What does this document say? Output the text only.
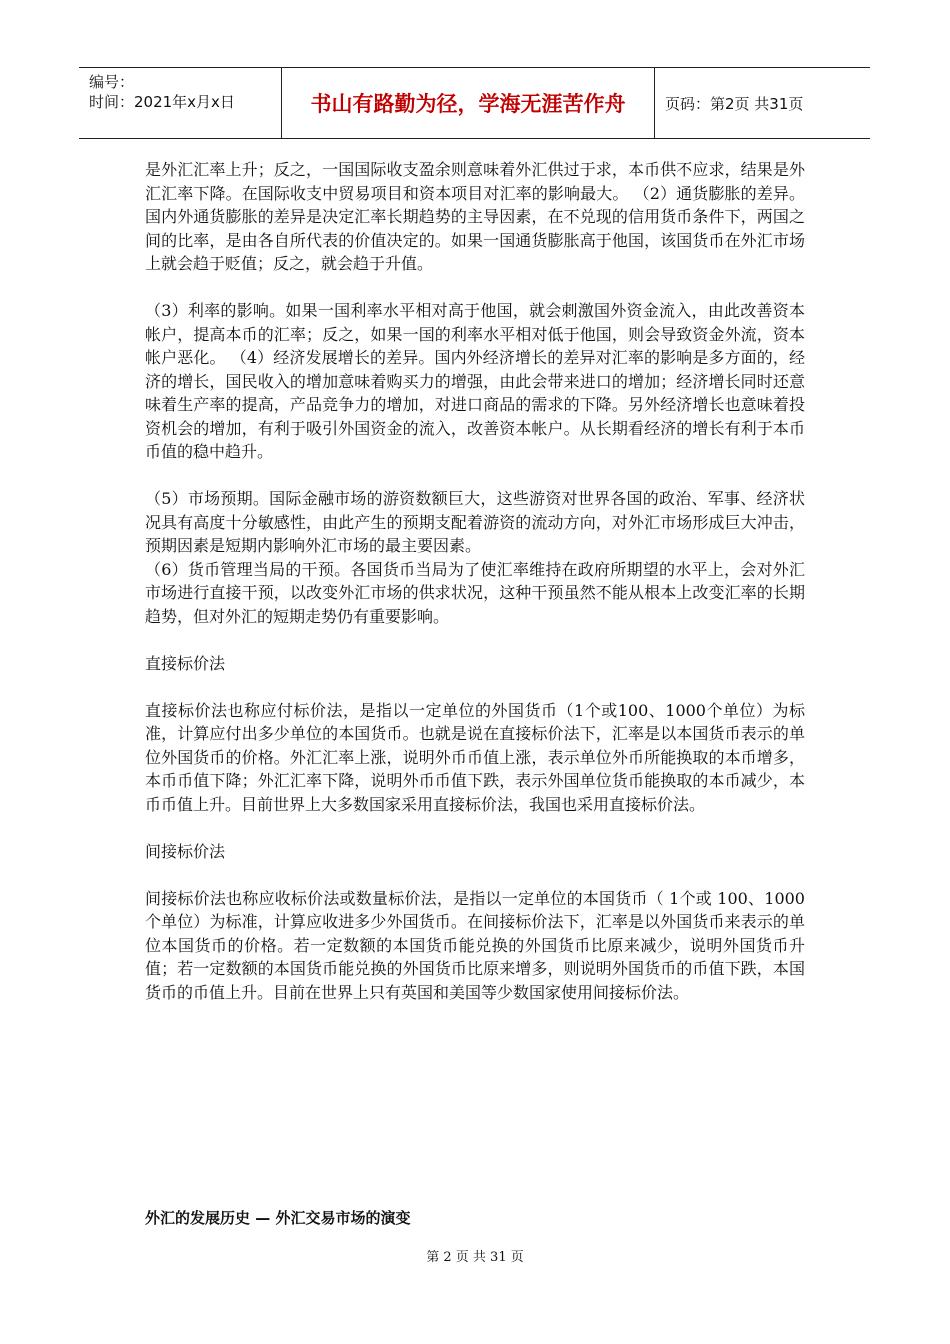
编号：
时间：2021年x月x日	书山有路勤为径，学海无涯苦作舟	页码：第2页 共31页

是外汇汇率上升；反之，一国国际收支盈余则意味着外汇供过于求，本币供不应求，结果是外汇汇率下降。在国际收支中贸易项目和资本项目对汇率的影响最大。 （2）通货膨胀的差异。国内外通货膨胀的差异是决定汇率长期趋势的主导因素，在不兑现的信用货币条件下，两国之间的比率，是由各自所代表的价值决定的。如果一国通货膨胀高于他国，该国货币在外汇市场上就会趋于贬值；反之，就会趋于升值。

（3）利率的影响。如果一国利率水平相对高于他国，就会刺激国外资金流入，由此改善资本帐户，提高本币的汇率；反之，如果一国的利率水平相对低于他国，则会导致资金外流，资本帐户恶化。 （4）经济发展增长的差异。国内外经济增长的差异对汇率的影响是多方面的，经济的增长，国民收入的增加意味着购买力的增强，由此会带来进口的增加；经济增长同时还意味着生产率的提高，产品竞争力的增加，对进口商品的需求的下降。另外经济增长也意味着投资机会的增加，有利于吸引外国资金的流入，改善资本帐户。从长期看经济的增长有利于本币币值的稳中趋升。

（5）市场预期。国际金融市场的游资数额巨大，这些游资对世界各国的政治、军事、经济状况具有高度十分敏感性，由此产生的预期支配着游资的流动方向，对外汇市场形成巨大冲击，预期因素是短期内影响外汇市场的最主要因素。

（6）货币管理当局的干预。各国货币当局为了使汇率维持在政府所期望的水平上，会对外汇市场进行直接干预，以改变外汇市场的供求状况，这种干预虽然不能从根本上改变汇率的长期趋势，但对外汇的短期走势仍有重要影响。

直接标价法

直接标价法也称应付标价法，是指以一定单位的外国货币（1个或100、1000个单位）为标准，计算应付出多少单位的本国货币。也就是说在直接标价法下，汇率是以本国货币表示的单位外国货币的价格。外汇汇率上涨，说明外币币值上涨，表示单位外币所能换取的本币增多，本币币值下降；外汇汇率下降，说明外币币值下跌，表示外国单位货币能换取的本币减少，本币币值上升。目前世界上大多数国家采用直接标价法，我国也采用直接标价法。

间接标价法

间接标价法也称应收标价法或数量标价法，是指以一定单位的本国货币（ 1个或 100、1000个单位）为标准，计算应收进多少外国货币。在间接标价法下，汇率是以外国货币来表示的单位本国货币的价格。若一定数额的本国货币能兑换的外国货币比原来减少，说明外国货币升值；若一定数额的本国货币能兑换的外国货币比原来增多，则说明外国货币的币值下跌，本国货币的币值上升。目前在世界上只有英国和美国等少数国家使用间接标价法。

外汇的发展历史 — 外汇交易市场的演变
第 2 页 共 31 页
